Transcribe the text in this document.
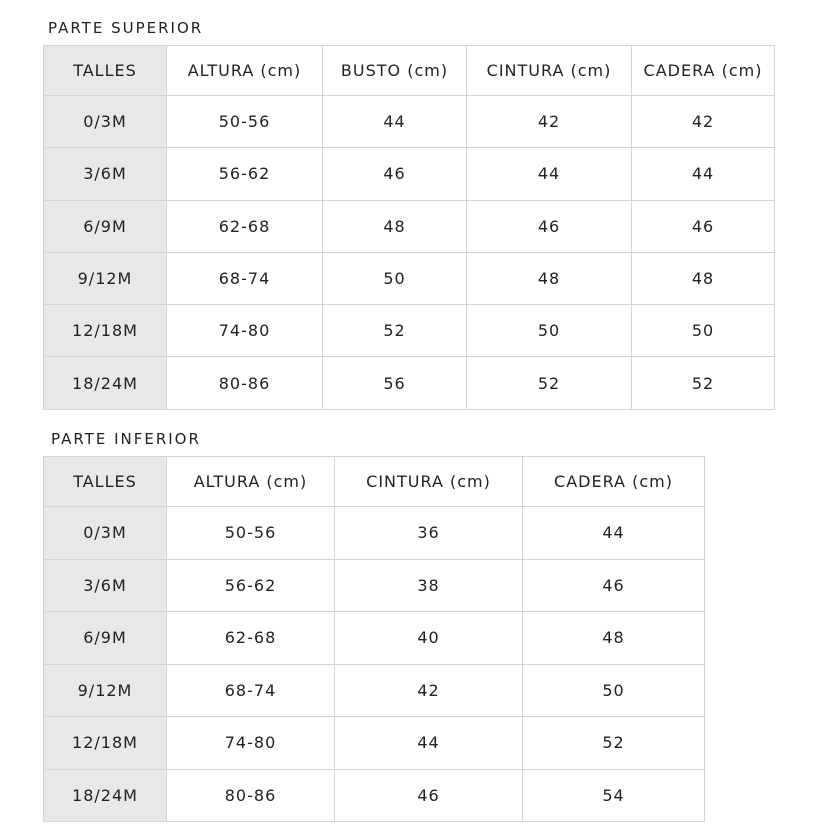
PARTE SUPERIOR
TALLES	ALTURA (cm)	BUSTO (cm)	CINTURA (cm)	CADERA (cm)
0/3M	50-56	44	42	42
3/6M	56-62	46	44	44
6/9M	62-68	48	46	46
9/12M	68-74	50	48	48
12/18M	74-80	52	50	50
18/24M	80-86	56	52	52
PARTE INFERIOR
TALLES	ALTURA (cm)	CINTURA (cm)	CADERA (cm)
0/3M	50-56	36	44
3/6M	56-62	38	46
6/9M	62-68	40	48
9/12M	68-74	42	50
12/18M	74-80	44	52
18/24M	80-86	46	54
